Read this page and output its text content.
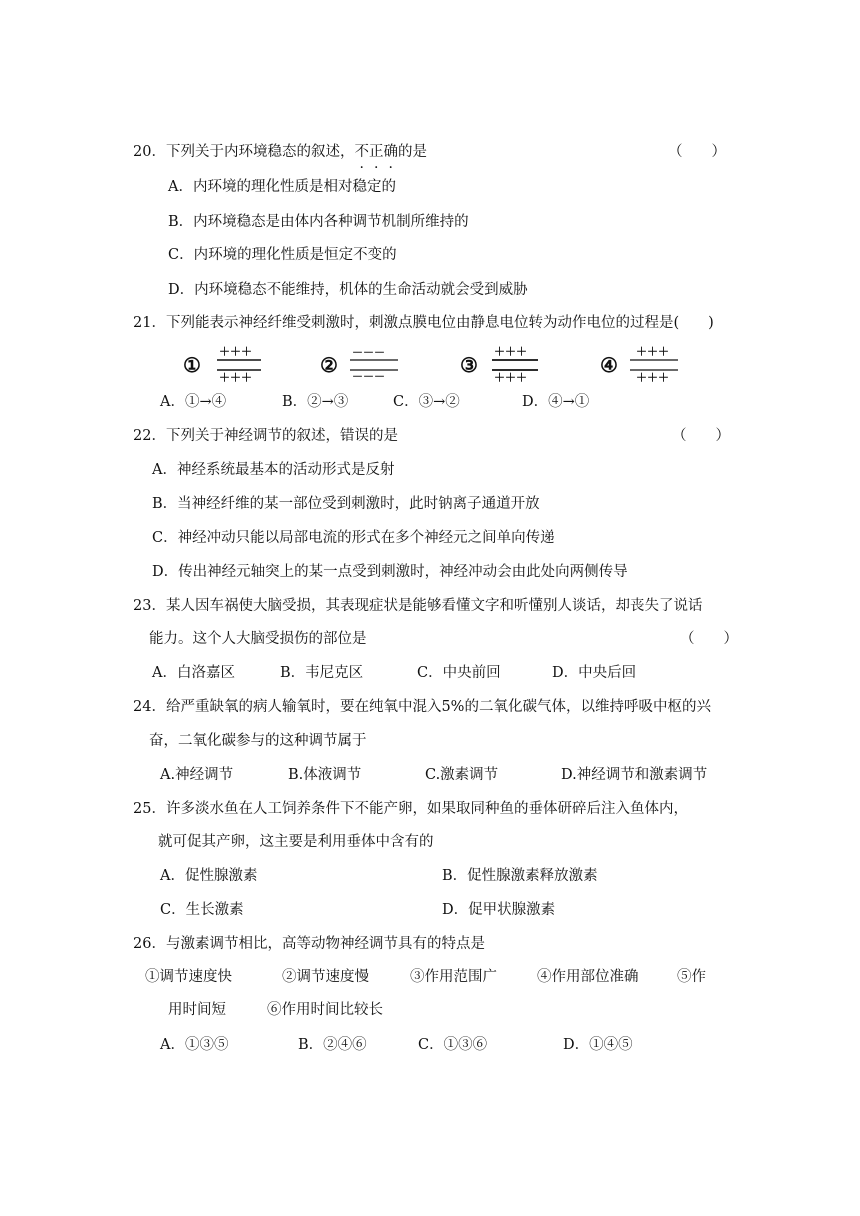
20．下列关于内环境稳态的叙述，不正确的是	（　　）
A．内环境的理化性质是相对稳定的
B．内环境稳态是由体内各种调节机制所维持的
C．内环境的理化性质是恒定不变的
D．内环境稳态不能维持，机体的生命活动就会受到威胁
21．下列能表示神经纤维受刺激时，刺激点膜电位由静息电位转为动作电位的过程是(　　)
①
＋＋＋
＋＋＋
②
－－－
－－－	③
＋＋＋
＋＋＋
④
＋＋＋
＋＋＋
A．①→④	B．②→③	C．③→②	D．④→①
22．下列关于神经调节的叙述，错误的是	（　　）
A．神经系统最基本的活动形式是反射
B．当神经纤维的某一部位受到刺激时，此时钠离子通道开放
C．神经冲动只能以局部电流的形式在多个神经元之间单向传递
D．传出神经元轴突上的某一点受到刺激时，神经冲动会由此处向两侧传导
23．某人因车祸使大脑受损，其表现症状是能够看懂文字和听懂别人谈话，却丧失了说话
能力。这个人大脑受损伤的部位是	（　　）
A．白洛嘉区	B．韦尼克区	C．中央前回	D．中央后回
24．给严重缺氧的病人输氧时，要在纯氧中混入5%的二氧化碳气体，以维持呼吸中枢的兴
奋，二氧化碳参与的这种调节属于
A.神经调节	B.体液调节	C.激素调节	D.神经调节和激素调节
25．许多淡水鱼在人工饲养条件下不能产卵，如果取同种鱼的垂体研碎后注入鱼体内，
就可促其产卵，这主要是利用垂体中含有的
A．促性腺激素	B．促性腺激素释放激素
C．生长激素	D．促甲状腺激素
26．与激素调节相比，高等动物神经调节具有的特点是
①调节速度快	②调节速度慢	③作用范围广	④作用部位准确	⑤作
用时间短	⑥作用时间比较长
A．①③⑤	B．②④⑥	C．①③⑥	D．①④⑤
